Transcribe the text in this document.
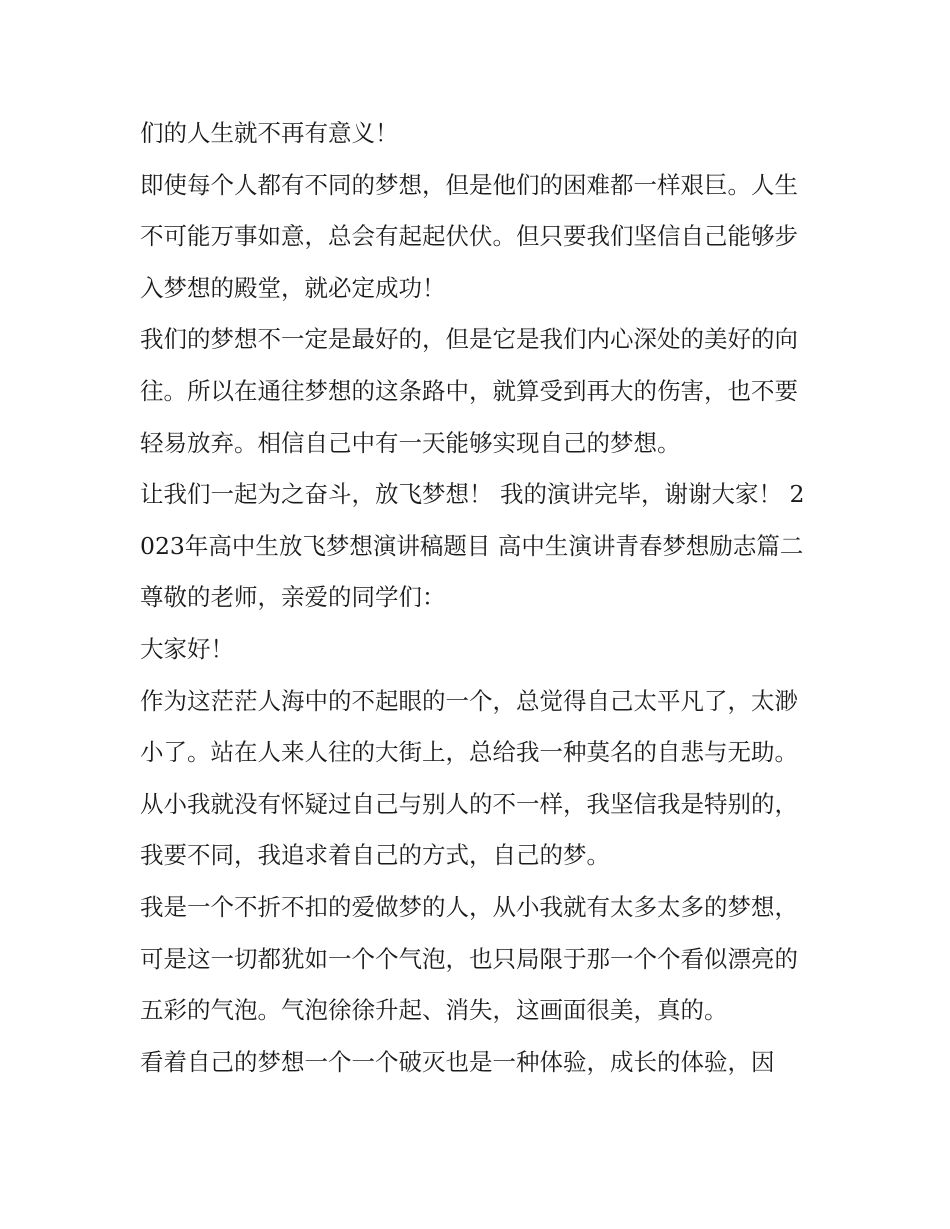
们的人生就不再有意义！

即使每个人都有不同的梦想，但是他们的困难都一样艰巨。人生不可能万事如意，总会有起起伏伏。但只要我们坚信自己能够步入梦想的殿堂，就必定成功！

我们的梦想不一定是最好的，但是它是我们内心深处的美好的向往。所以在通往梦想的这条路中，就算受到再大的伤害，也不要轻易放弃。相信自己中有一天能够实现自己的梦想。

让我们一起为之奋斗，放飞梦想！ 我的演讲完毕，谢谢大家！ 2023年高中生放飞梦想演讲稿题目 高中生演讲青春梦想励志篇二 尊敬的老师，亲爱的同学们：

大家好！

作为这茫茫人海中的不起眼的一个，总觉得自己太平凡了，太渺小了。站在人来人往的大街上，总给我一种莫名的自悲与无助。从小我就没有怀疑过自己与别人的不一样，我坚信我是特别的，我要不同，我追求着自己的方式，自己的梦。

我是一个不折不扣的爱做梦的人，从小我就有太多太多的梦想，可是这一切都犹如一个个气泡，也只局限于那一个个看似漂亮的五彩的气泡。气泡徐徐升起、消失，这画面很美，真的。

看着自己的梦想一个一个破灭也是一种体验，成长的体验，因
